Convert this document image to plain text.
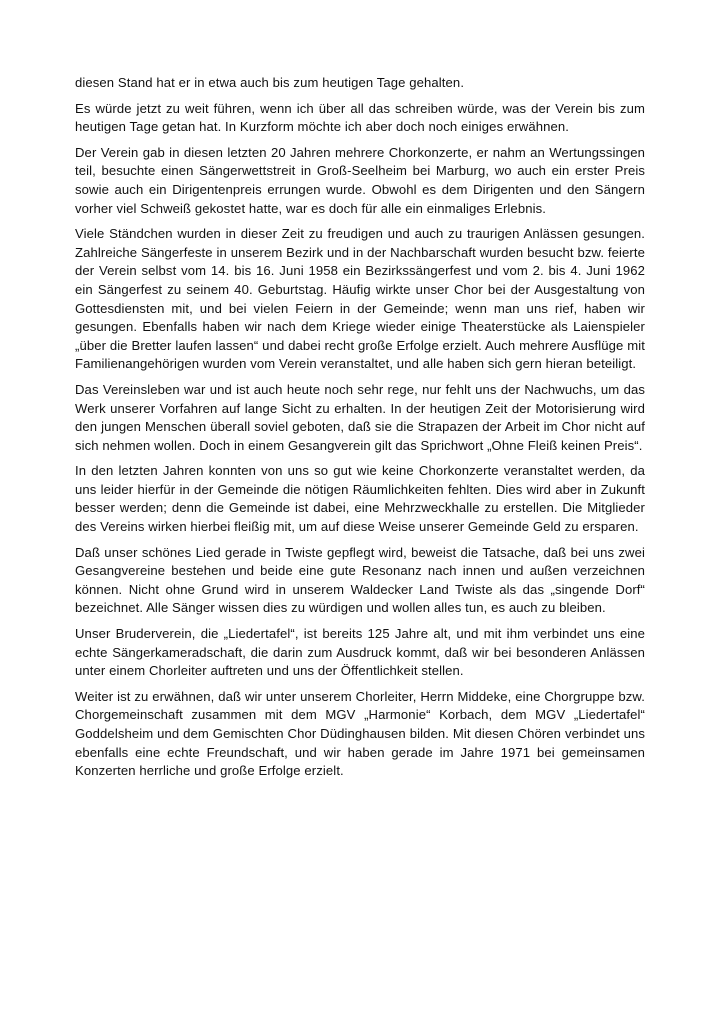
diesen Stand hat er in etwa auch bis zum heutigen Tage gehalten.

Es würde jetzt zu weit führen, wenn ich über all das schreiben würde, was der Verein bis zum heutigen Tage getan hat. In Kurzform möchte ich aber doch noch einiges erwähnen.

Der Verein gab in diesen letzten 20 Jahren mehrere Chorkonzerte, er nahm an Wertungssingen teil, besuchte einen Sängerwettstreit in Groß-Seelheim bei Marburg, wo auch ein erster Preis sowie auch ein Dirigentenpreis errungen wurde. Obwohl es dem Dirigenten und den Sängern vorher viel Schweiß gekostet hatte, war es doch für alle ein einmaliges Erlebnis.

Viele Ständchen wurden in dieser Zeit zu freudigen und auch zu traurigen Anlässen gesungen. Zahlreiche Sängerfeste in unserem Bezirk und in der Nachbarschaft wurden besucht bzw. feierte der Verein selbst vom 14. bis 16. Juni 1958 ein Bezirkssängerfest und vom 2. bis 4. Juni 1962 ein Sängerfest zu seinem 40. Geburtstag. Häufig wirkte unser Chor bei der Ausgestaltung von Gottesdiensten mit, und bei vielen Feiern in der Gemeinde; wenn man uns rief, haben wir gesungen. Ebenfalls haben wir nach dem Kriege wieder einige Theaterstücke als Laienspieler „über die Bretter laufen lassen“ und dabei recht große Erfolge erzielt. Auch mehrere Ausflüge mit Familienangehörigen wurden vom Verein veranstaltet, und alle haben sich gern hieran beteiligt.

Das Vereinsleben war und ist auch heute noch sehr rege, nur fehlt uns der Nachwuchs, um das Werk unserer Vorfahren auf lange Sicht zu erhalten. In der heutigen Zeit der Motorisierung wird den jungen Menschen überall soviel geboten, daß sie die Strapazen der Arbeit im Chor nicht auf sich nehmen wollen. Doch in einem Gesangverein gilt das Sprichwort „Ohne Fleiß keinen Preis“.

In den letzten Jahren konnten von uns so gut wie keine Chorkonzerte veranstaltet werden, da uns leider hierfür in der Gemeinde die nötigen Räumlichkeiten fehlten. Dies wird aber in Zukunft besser werden; denn die Gemeinde ist dabei, eine Mehrzweckhalle zu erstellen. Die Mitglieder des Vereins wirken hierbei fleißig mit, um auf diese Weise unserer Gemeinde Geld zu ersparen.

Daß unser schönes Lied gerade in Twiste gepflegt wird, beweist die Tatsache, daß bei uns zwei Gesangvereine bestehen und beide eine gute Resonanz nach innen und außen verzeichnen können. Nicht ohne Grund wird in unserem Waldecker Land Twiste als das „singende Dorf“ bezeichnet. Alle Sänger wissen dies zu würdigen und wollen alles tun, es auch zu bleiben.

Unser Bruderverein, die „Liedertafel“, ist bereits 125 Jahre alt, und mit ihm verbindet uns eine echte Sängerkameradschaft, die darin zum Ausdruck kommt, daß wir bei besonderen Anlässen unter einem Chorleiter auftreten und uns der Öffentlichkeit stellen.

Weiter ist zu erwähnen, daß wir unter unserem Chorleiter, Herrn Middeke, eine Chorgruppe bzw. Chorgemeinschaft zusammen mit dem MGV „Harmonie“ Korbach, dem MGV „Liedertafel“ Goddelsheim und dem Gemischten Chor Düdinghausen bilden. Mit diesen Chören verbindet uns ebenfalls eine echte Freundschaft, und wir haben gerade im Jahre 1971 bei gemeinsamen Konzerten herrliche und große Erfolge erzielt.
